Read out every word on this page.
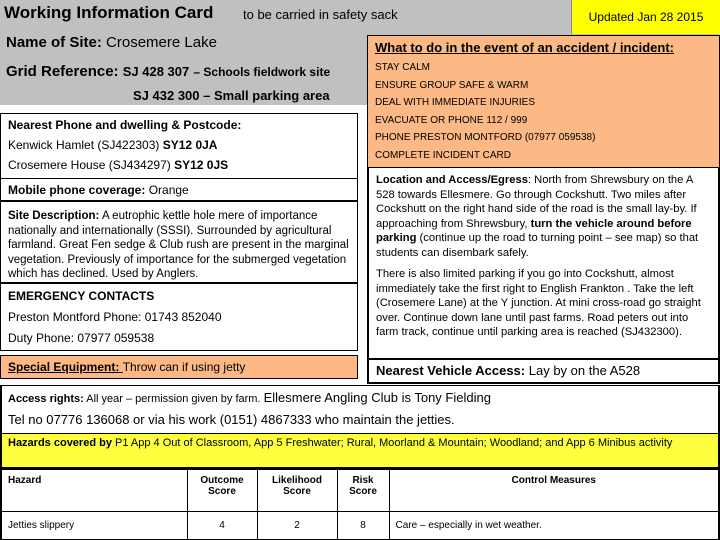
Working Information Card to be carried in safety sack	Updated Jan 28 2015
Name of Site: Crosemere Lake
Grid Reference: SJ 428 307 – Schools fieldwork site
SJ 432 300 – Small parking area
What to do in the event of an accident / incident:
STAY CALM
ENSURE GROUP SAFE & WARM
DEAL WITH IMMEDIATE INJURIES
EVACUATE OR PHONE 112 / 999
PHONE PRESTON MONTFORD (07977 059538)
COMPLETE INCIDENT CARD
Nearest Phone and dwelling & Postcode:
Kenwick Hamlet (SJ422303) SY12 0JA
Crosemere House (SJ434297) SY12 0JS
Mobile phone coverage: Orange
Site Description: A eutrophic kettle hole mere of importance nationally and internationally (SSSI). Surrounded by agricultural farmland. Great Fen sedge & Club rush are present in the marginal vegetation. Previously of importance for the submerged vegetation which has declined. Used by Anglers.
EMERGENCY CONTACTS
Preston Montford Phone: 01743 852040
Duty Phone: 07977 059538
Special Equipment: Throw can if using jetty

Location and Access/Egress: North from Shrewsbury on the A 528 towards Ellesmere. Go through Cockshutt. Two miles after Cockshutt on the right hand side of the road is the small lay-by. If approaching from Shrewsbury, turn the vehicle around before parking (continue up the road to turning point – see map) so that students can disembark safely.

There is also limited parking if you go into Cockshutt, almost immediately take the first right to English Frankton . Take the left (Crosemere Lane) at the Y junction. At mini cross-road go straight over. Continue down lane until past farms. Road peters out into farm track, continue until parking area is reached (SJ432300).

Nearest Vehicle Access: Lay by on the A528
Access rights: All year – permission given by farm. Ellesmere Angling Club is Tony Fielding
Tel no 07776 136068 or via his work (0151) 4867333 who maintain the jetties.
Hazards covered by P1 App 4 Out of Classroom, App 5 Freshwater; Rural, Moorland & Mountain; Woodland; and App 6 Minibus activity
Hazard	Outcome Score	Likelihood Score	Risk Score	Control Measures
Jetties slippery	4	2	8	Care – especially in wet weather.
